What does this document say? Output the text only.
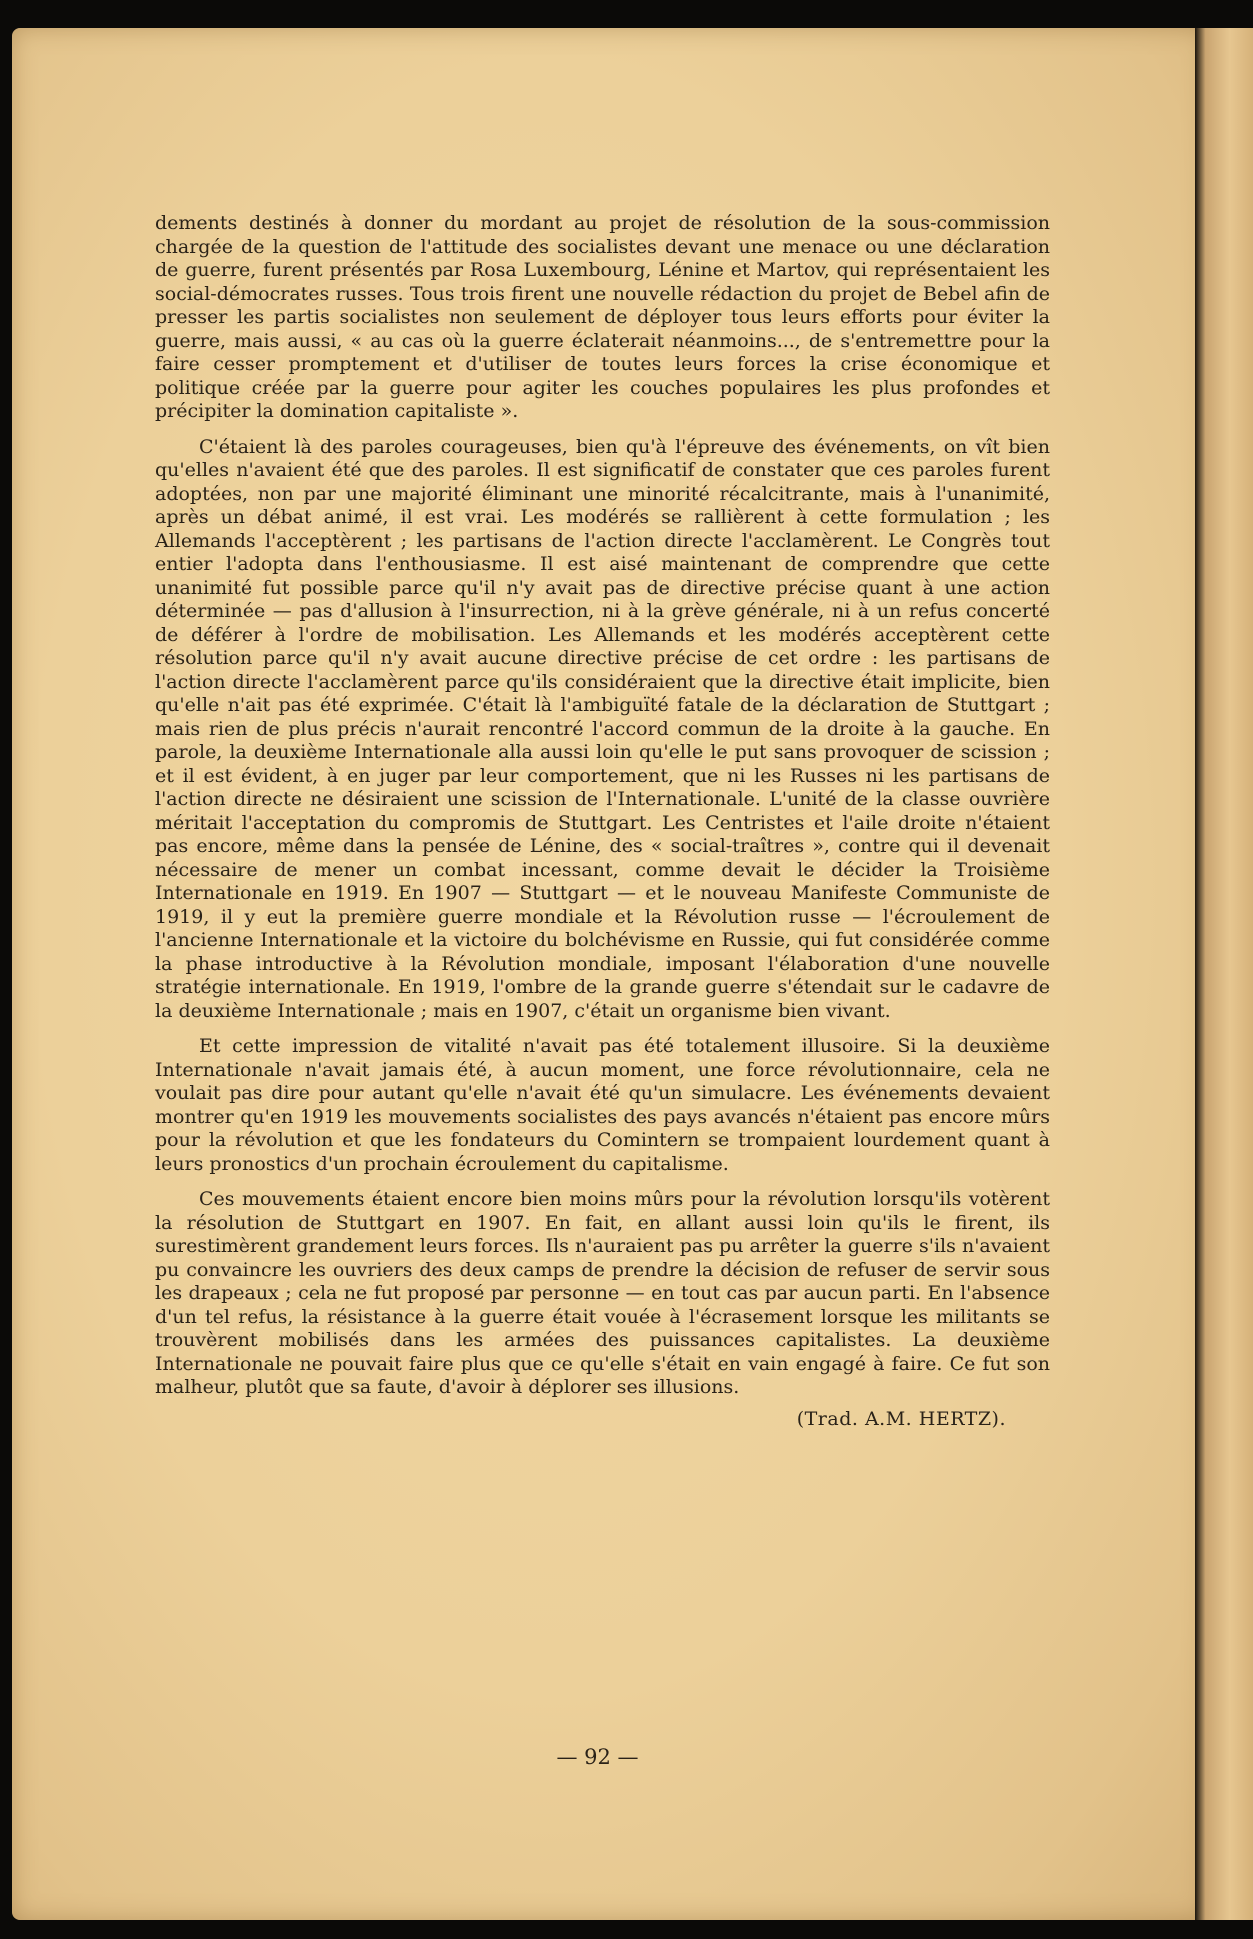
dements destinés à donner du mordant au projet de résolution de la sous-commission chargée de la question de l'attitude des socialistes devant une menace ou une déclaration de guerre, furent présentés par Rosa Luxembourg, Lénine et Martov, qui représentaient les social-démocrates russes. Tous trois firent une nouvelle rédaction du projet de Bebel afin de presser les partis socialistes non seulement de déployer tous leurs efforts pour éviter la guerre, mais aussi, « au cas où la guerre éclaterait néanmoins..., de s'entremettre pour la faire cesser promptement et d'utiliser de toutes leurs forces la crise économique et politique créée par la guerre pour agiter les couches populaires les plus profondes et précipiter la domination capitaliste ».

C'étaient là des paroles courageuses, bien qu'à l'épreuve des événements, on vît bien qu'elles n'avaient été que des paroles. Il est significatif de constater que ces paroles furent adoptées, non par une majorité éliminant une minorité récalcitrante, mais à l'unanimité, après un débat animé, il est vrai. Les modérés se rallièrent à cette formulation ; les Allemands l'acceptèrent ; les partisans de l'action directe l'acclamèrent. Le Congrès tout entier l'adopta dans l'enthousiasme. Il est aisé maintenant de comprendre que cette unanimité fut possible parce qu'il n'y avait pas de directive précise quant à une action déterminée — pas d'allusion à l'insurrection, ni à la grève générale, ni à un refus concerté de déférer à l'ordre de mobilisation. Les Allemands et les modérés acceptèrent cette résolution parce qu'il n'y avait aucune directive précise de cet ordre : les partisans de l'action directe l'acclamèrent parce qu'ils considéraient que la directive était implicite, bien qu'elle n'ait pas été exprimée. C'était là l'ambiguïté fatale de la déclaration de Stuttgart ; mais rien de plus précis n'aurait rencontré l'accord commun de la droite à la gauche. En parole, la deuxième Internationale alla aussi loin qu'elle le put sans provoquer de scission ; et il est évident, à en juger par leur comportement, que ni les Russes ni les partisans de l'action directe ne désiraient une scission de l'Internationale. L'unité de la classe ouvrière méritait l'acceptation du compromis de Stuttgart. Les Centristes et l'aile droite n'étaient pas encore, même dans la pensée de Lénine, des « social-traîtres », contre qui il devenait nécessaire de mener un combat incessant, comme devait le décider la Troisième Internationale en 1919. En 1907 — Stuttgart — et le nouveau Manifeste Communiste de 1919, il y eut la première guerre mondiale et la Révolution russe — l'écroulement de l'ancienne Internationale et la victoire du bolchévisme en Russie, qui fut considérée comme la phase introductive à la Révolution mondiale, imposant l'élaboration d'une nouvelle stratégie internationale. En 1919, l'ombre de la grande guerre s'étendait sur le cadavre de la deuxième Internationale ; mais en 1907, c'était un organisme bien vivant.

Et cette impression de vitalité n'avait pas été totalement illusoire. Si la deuxième Internationale n'avait jamais été, à aucun moment, une force révolutionnaire, cela ne voulait pas dire pour autant qu'elle n'avait été qu'un simulacre. Les événements devaient montrer qu'en 1919 les mouvements socialistes des pays avancés n'étaient pas encore mûrs pour la révolution et que les fondateurs du Comintern se trompaient lourdement quant à leurs pronostics d'un prochain écroulement du capitalisme.

Ces mouvements étaient encore bien moins mûrs pour la révolution lorsqu'ils votèrent la résolution de Stuttgart en 1907. En fait, en allant aussi loin qu'ils le firent, ils surestimèrent grandement leurs forces. Ils n'auraient pas pu arrêter la guerre s'ils n'avaient pu convaincre les ouvriers des deux camps de prendre la décision de refuser de servir sous les drapeaux ; cela ne fut proposé par personne — en tout cas par aucun parti. En l'absence d'un tel refus, la résistance à la guerre était vouée à l'écrasement lorsque les militants se trouvèrent mobilisés dans les armées des puissances capitalistes. La deuxième Internationale ne pouvait faire plus que ce qu'elle s'était en vain engagé à faire. Ce fut son malheur, plutôt que sa faute, d'avoir à déplorer ses illusions.

(Trad. A.M. HERTZ).
— 92 —
